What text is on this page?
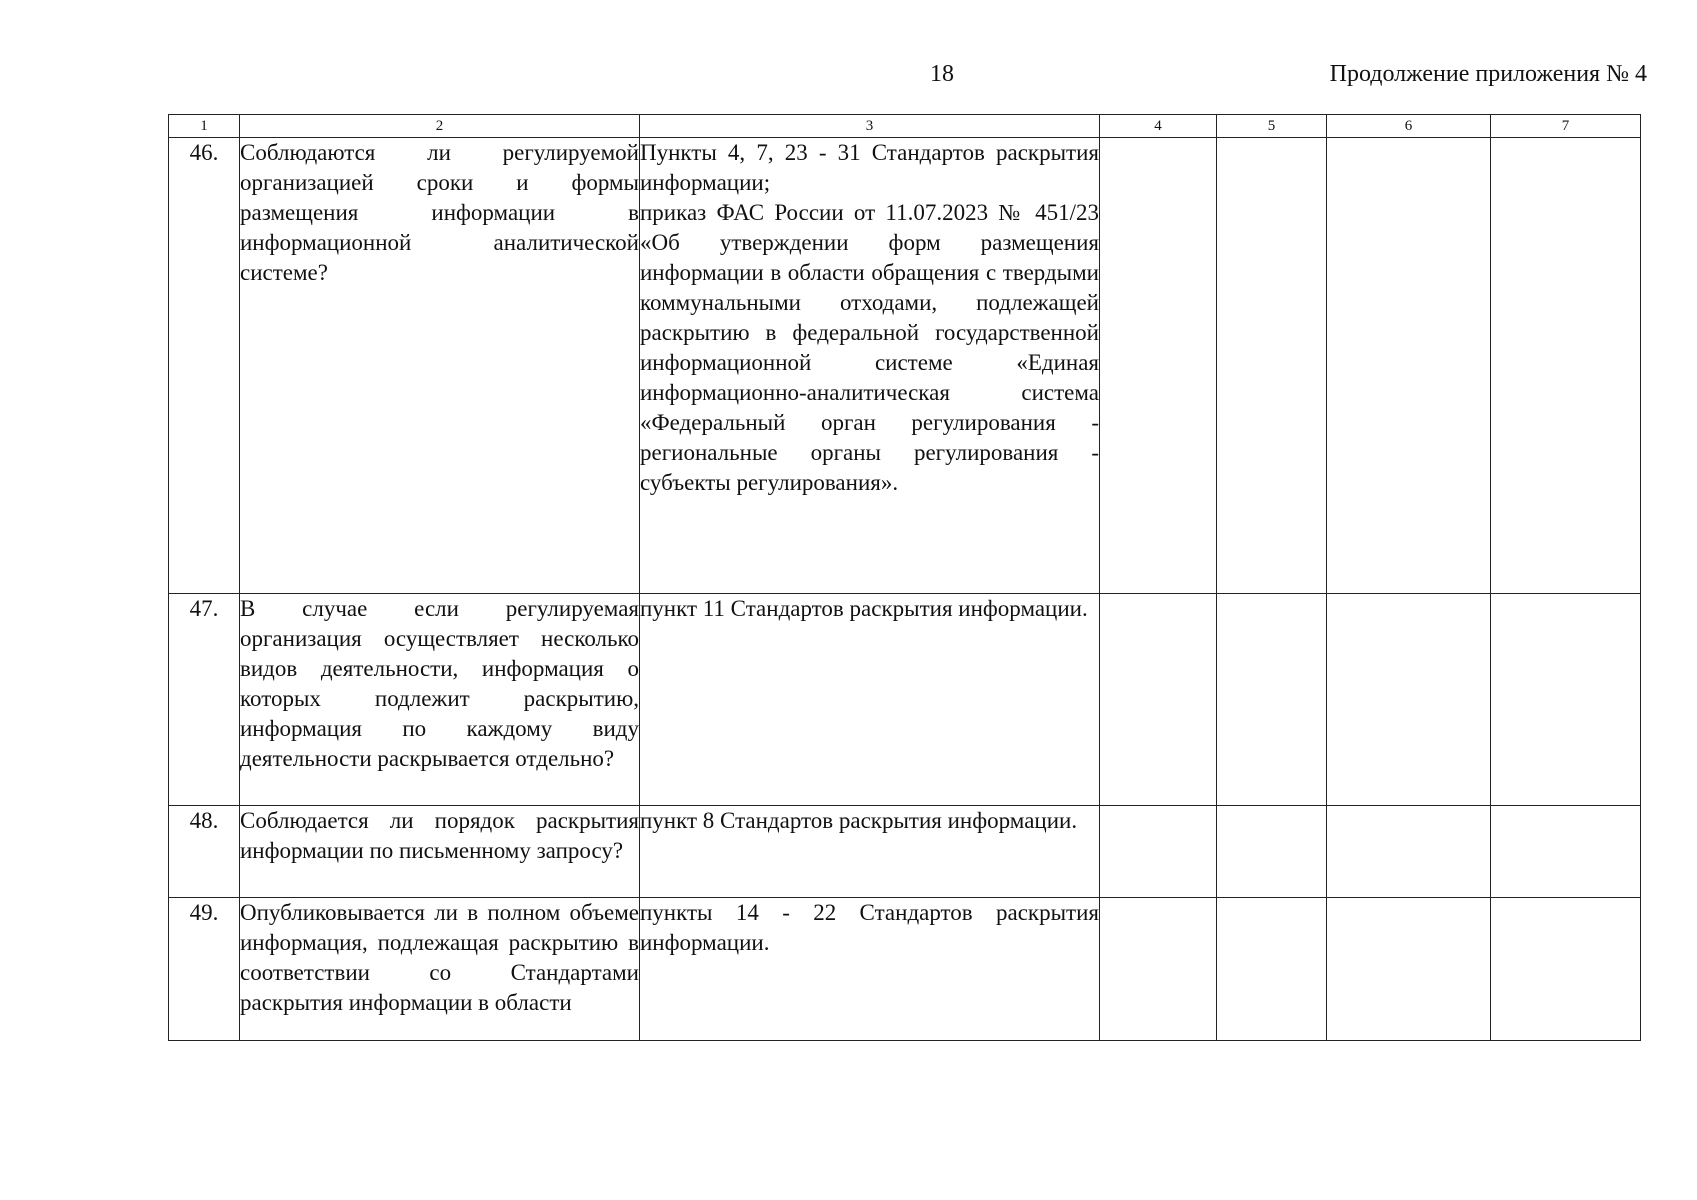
18	Продолжение приложения № 4
1	2	3	4	5	6	7
46.	Соблюдаются ли регулируемой организацией сроки и формы размещения информации в информационной аналитической системе?	Пункты 4, 7, 23 - 31 Стандартов раскрытия информации;
приказ ФАС России от 11.07.2023 № 451/23 «Об утверждении форм размещения информации в области обращения с твердыми коммунальными отходами, подлежащей раскрытию в федеральной государственной информационной системе «Единая информационно-аналитическая система «Федеральный орган регулирования - региональные органы регулирования - субъекты регулирования».				

47.	В случае если регулируемая организация осуществляет несколько видов деятельности, информация о которых подлежит раскрытию, информация по каждому виду деятельности раскрывается отдельно?	пункт 11 Стандартов раскрытия информации.				
48.	Соблюдается ли порядок раскрытия информации по письменному запросу?	пункт 8 Стандартов раскрытия информации.				
49.	Опубликовывается ли в полном объеме информация, подлежащая раскрытию в соответствии со Стандартами раскрытия информации в области	пункты 14 - 22 Стандартов раскрытия информации.				
